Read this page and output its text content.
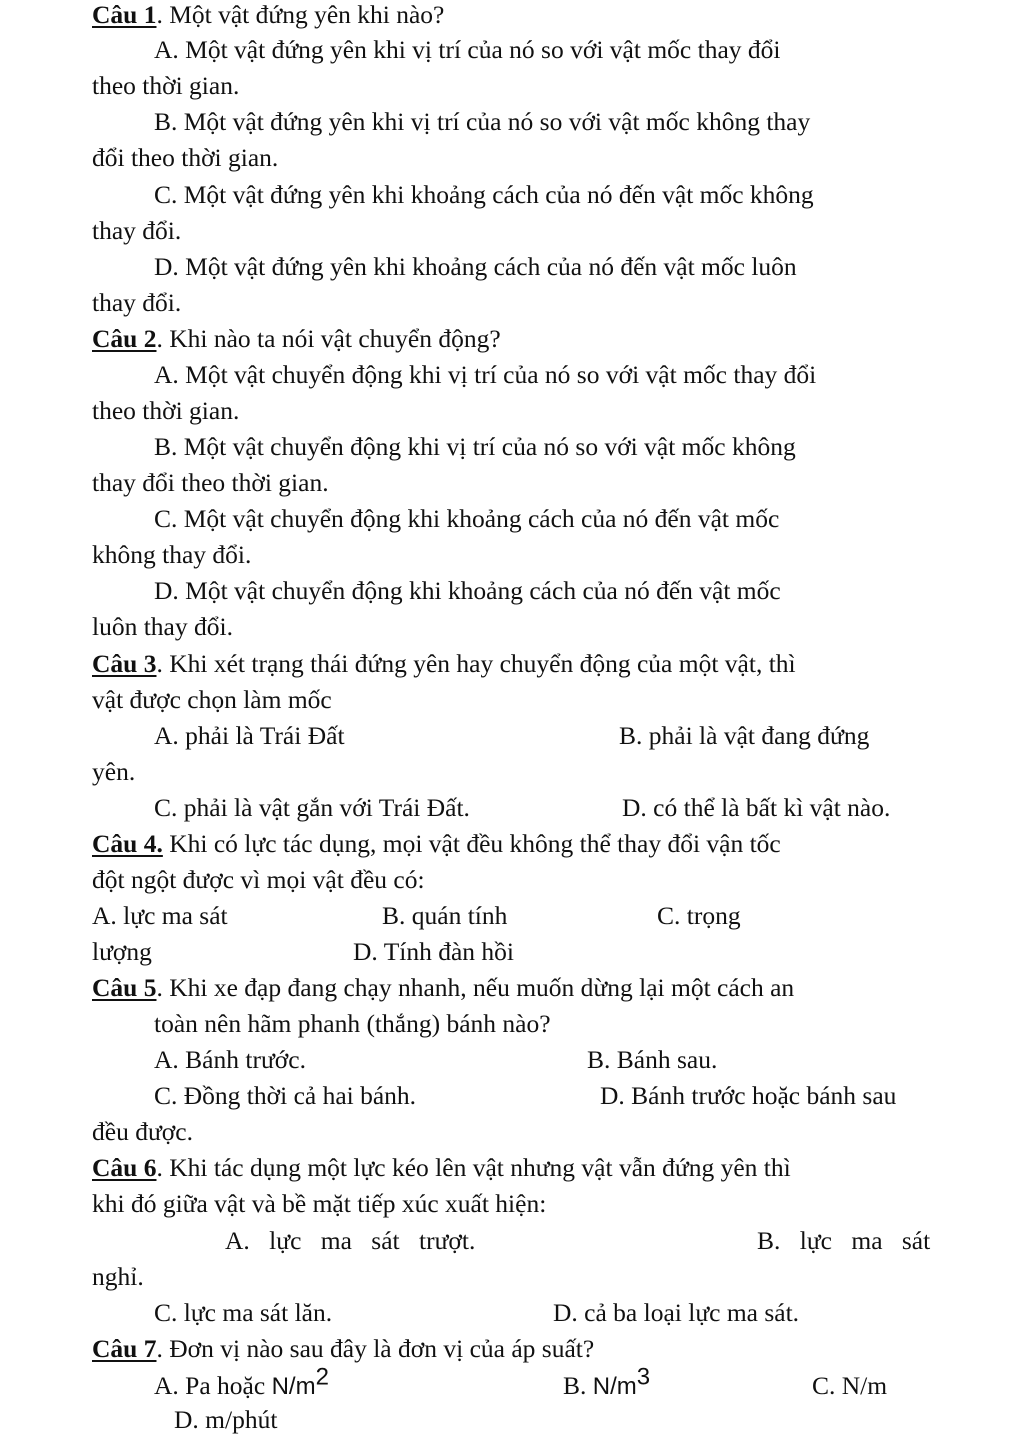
Câu 1. Một vật đứng yên khi nào?
A. Một vật đứng yên khi vị trí của nó so với vật mốc thay đổi
theo thời gian.
B. Một vật đứng yên khi vị trí của nó so với vật mốc không thay
đổi theo thời gian.
C. Một vật đứng yên khi khoảng cách của nó đến vật mốc không
thay đổi.
D. Một vật đứng yên khi khoảng cách của nó đến vật mốc luôn
thay đổi.
Câu 2. Khi nào ta nói vật chuyển động?
A. Một vật chuyển động khi vị trí của nó so với vật mốc thay đổi
theo thời gian.
B. Một vật chuyển động khi vị trí của nó so với vật mốc không
thay đổi theo thời gian.
C. Một vật chuyển động khi khoảng cách của nó đến vật mốc
không thay đổi.
D. Một vật chuyển động khi khoảng cách của nó đến vật mốc
luôn thay đổi.
Câu 3. Khi xét trạng thái đứng yên hay chuyển động của một vật, thì
vật được chọn làm mốc
A. phải là Trái Đất	B. phải là vật đang đứng
yên.
C. phải là vật gắn với Trái Đất.	D. có thể là bất kì vật nào.
Câu 4. Khi có lực tác dụng, mọi vật đều không thể thay đổi vận tốc
đột ngột được vì mọi vật đều có:
A. lực ma sát	B. quán tính	C. trọng
lượng	D. Tính đàn hồi
Câu 5. Khi xe đạp đang chạy nhanh, nếu muốn dừng lại một cách an
toàn nên hãm phanh (thắng) bánh nào?
A. Bánh trước.	B. Bánh sau.
C. Đồng thời cả hai bánh.	D. Bánh trước hoặc bánh sau
đều được.
Câu 6. Khi tác dụng một lực kéo lên vật nhưng vật vẫn đứng yên thì
khi đó giữa vật và bề mặt tiếp xúc xuất hiện:
A. lực ma sát trượt.	B. lực ma sát
nghỉ.
C. lực ma sát lăn.	D. cả ba loại lực ma sát.
Câu 7. Đơn vị nào sau đây là đơn vị của áp suất?
A. Pa hoặc $N/m^2$	B. $N/m^3$	C. N/m
D. m/phút
